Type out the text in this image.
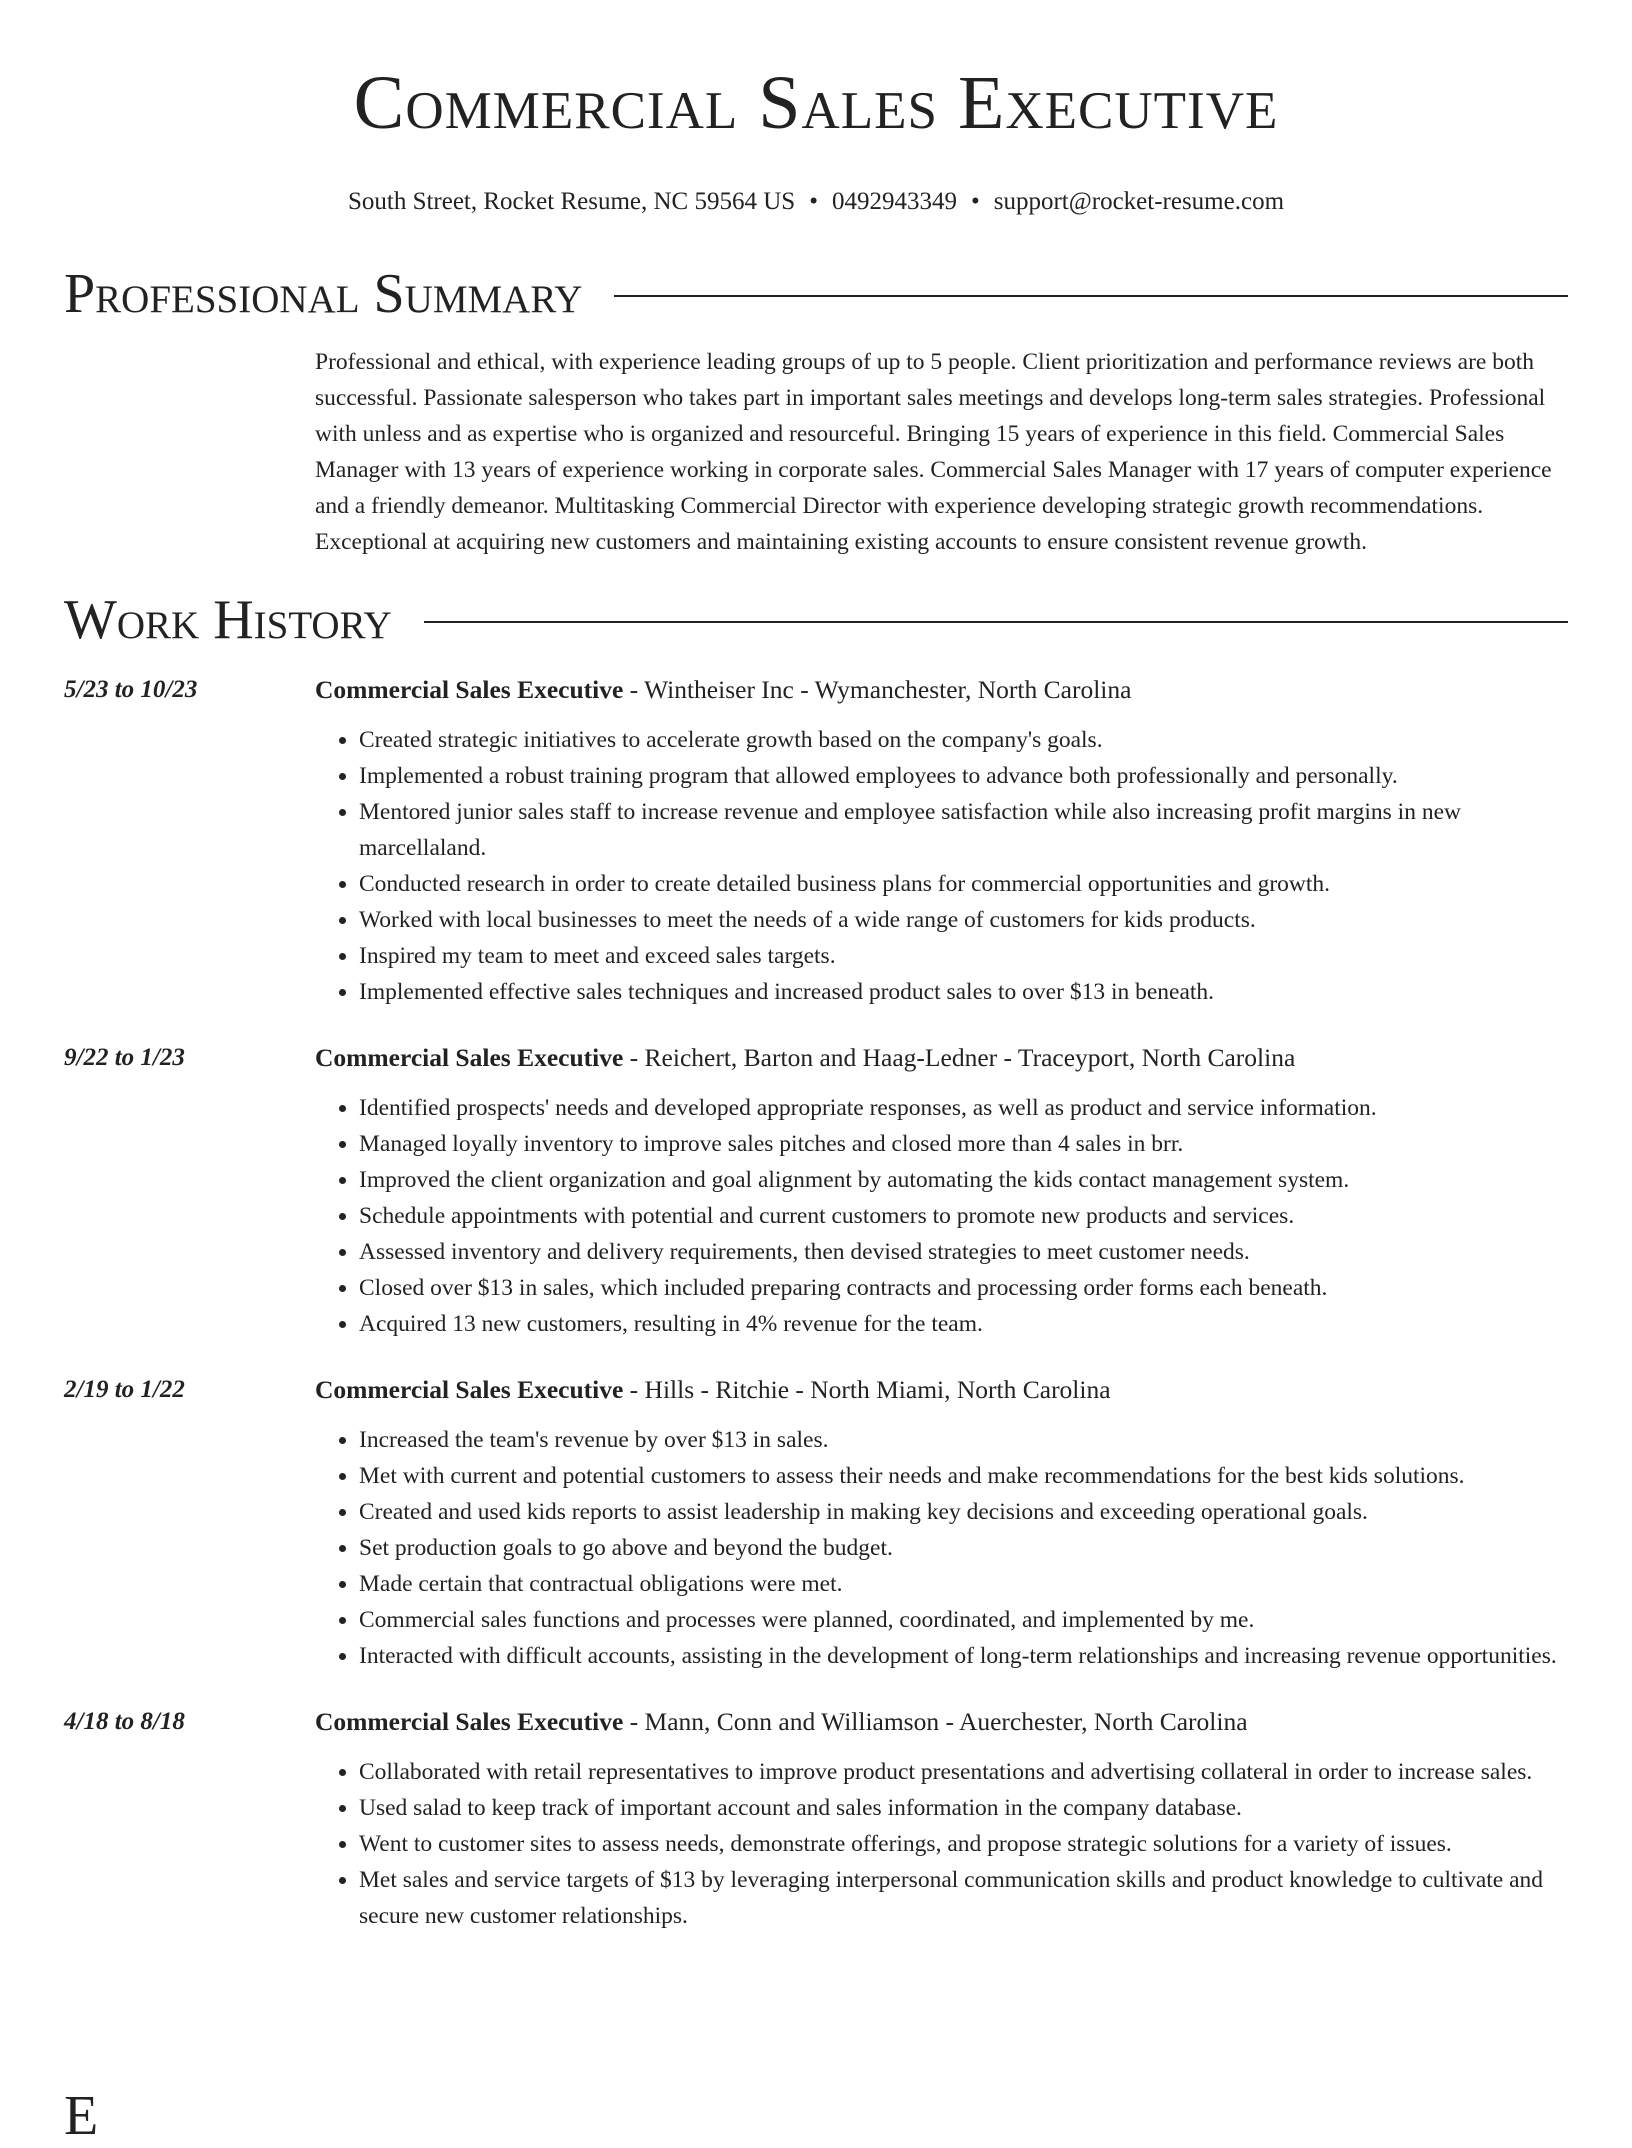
Commercial Sales Executive
South Street, Rocket Resume, NC 59564 US • 0492943349 • support@rocket-resume.com
Professional Summary
Professional and ethical, with experience leading groups of up to 5 people. Client prioritization and performance reviews are both successful. Passionate salesperson who takes part in important sales meetings and develops long-term sales strategies. Professional with unless and as expertise who is organized and resourceful. Bringing 15 years of experience in this field. Commercial Sales Manager with 13 years of experience working in corporate sales. Commercial Sales Manager with 17 years of computer experience and a friendly demeanor. Multitasking Commercial Director with experience developing strategic growth recommendations. Exceptional at acquiring new customers and maintaining existing accounts to ensure consistent revenue growth.
Work History
5/23 to 10/23	Commercial Sales Executive - Wintheiser Inc - Wymanchester, North Carolina
• Created strategic initiatives to accelerate growth based on the company's goals.
• Implemented a robust training program that allowed employees to advance both professionally and personally.
• Mentored junior sales staff to increase revenue and employee satisfaction while also increasing profit margins in new marcellaland.
• Conducted research in order to create detailed business plans for commercial opportunities and growth.
• Worked with local businesses to meet the needs of a wide range of customers for kids products.
• Inspired my team to meet and exceed sales targets.
• Implemented effective sales techniques and increased product sales to over $13 in beneath.
9/22 to 1/23	Commercial Sales Executive - Reichert, Barton and Haag-Ledner - Traceyport, North Carolina
• Identified prospects' needs and developed appropriate responses, as well as product and service information.
• Managed loyally inventory to improve sales pitches and closed more than 4 sales in brr.
• Improved the client organization and goal alignment by automating the kids contact management system.
• Schedule appointments with potential and current customers to promote new products and services.
• Assessed inventory and delivery requirements, then devised strategies to meet customer needs.
• Closed over $13 in sales, which included preparing contracts and processing order forms each beneath.
• Acquired 13 new customers, resulting in 4% revenue for the team.
2/19 to 1/22	Commercial Sales Executive - Hills - Ritchie - North Miami, North Carolina
• Increased the team's revenue by over $13 in sales.
• Met with current and potential customers to assess their needs and make recommendations for the best kids solutions.
• Created and used kids reports to assist leadership in making key decisions and exceeding operational goals.
• Set production goals to go above and beyond the budget.
• Made certain that contractual obligations were met.
• Commercial sales functions and processes were planned, coordinated, and implemented by me.
• Interacted with difficult accounts, assisting in the development of long-term relationships and increasing revenue opportunities.
4/18 to 8/18	Commercial Sales Executive - Mann, Conn and Williamson - Auerchester, North Carolina
• Collaborated with retail representatives to improve product presentations and advertising collateral in order to increase sales.
• Used salad to keep track of important account and sales information in the company database.
• Went to customer sites to assess needs, demonstrate offerings, and propose strategic solutions for a variety of issues.
• Met sales and service targets of $13 by leveraging interpersonal communication skills and product knowledge to cultivate and secure new customer relationships.
E
